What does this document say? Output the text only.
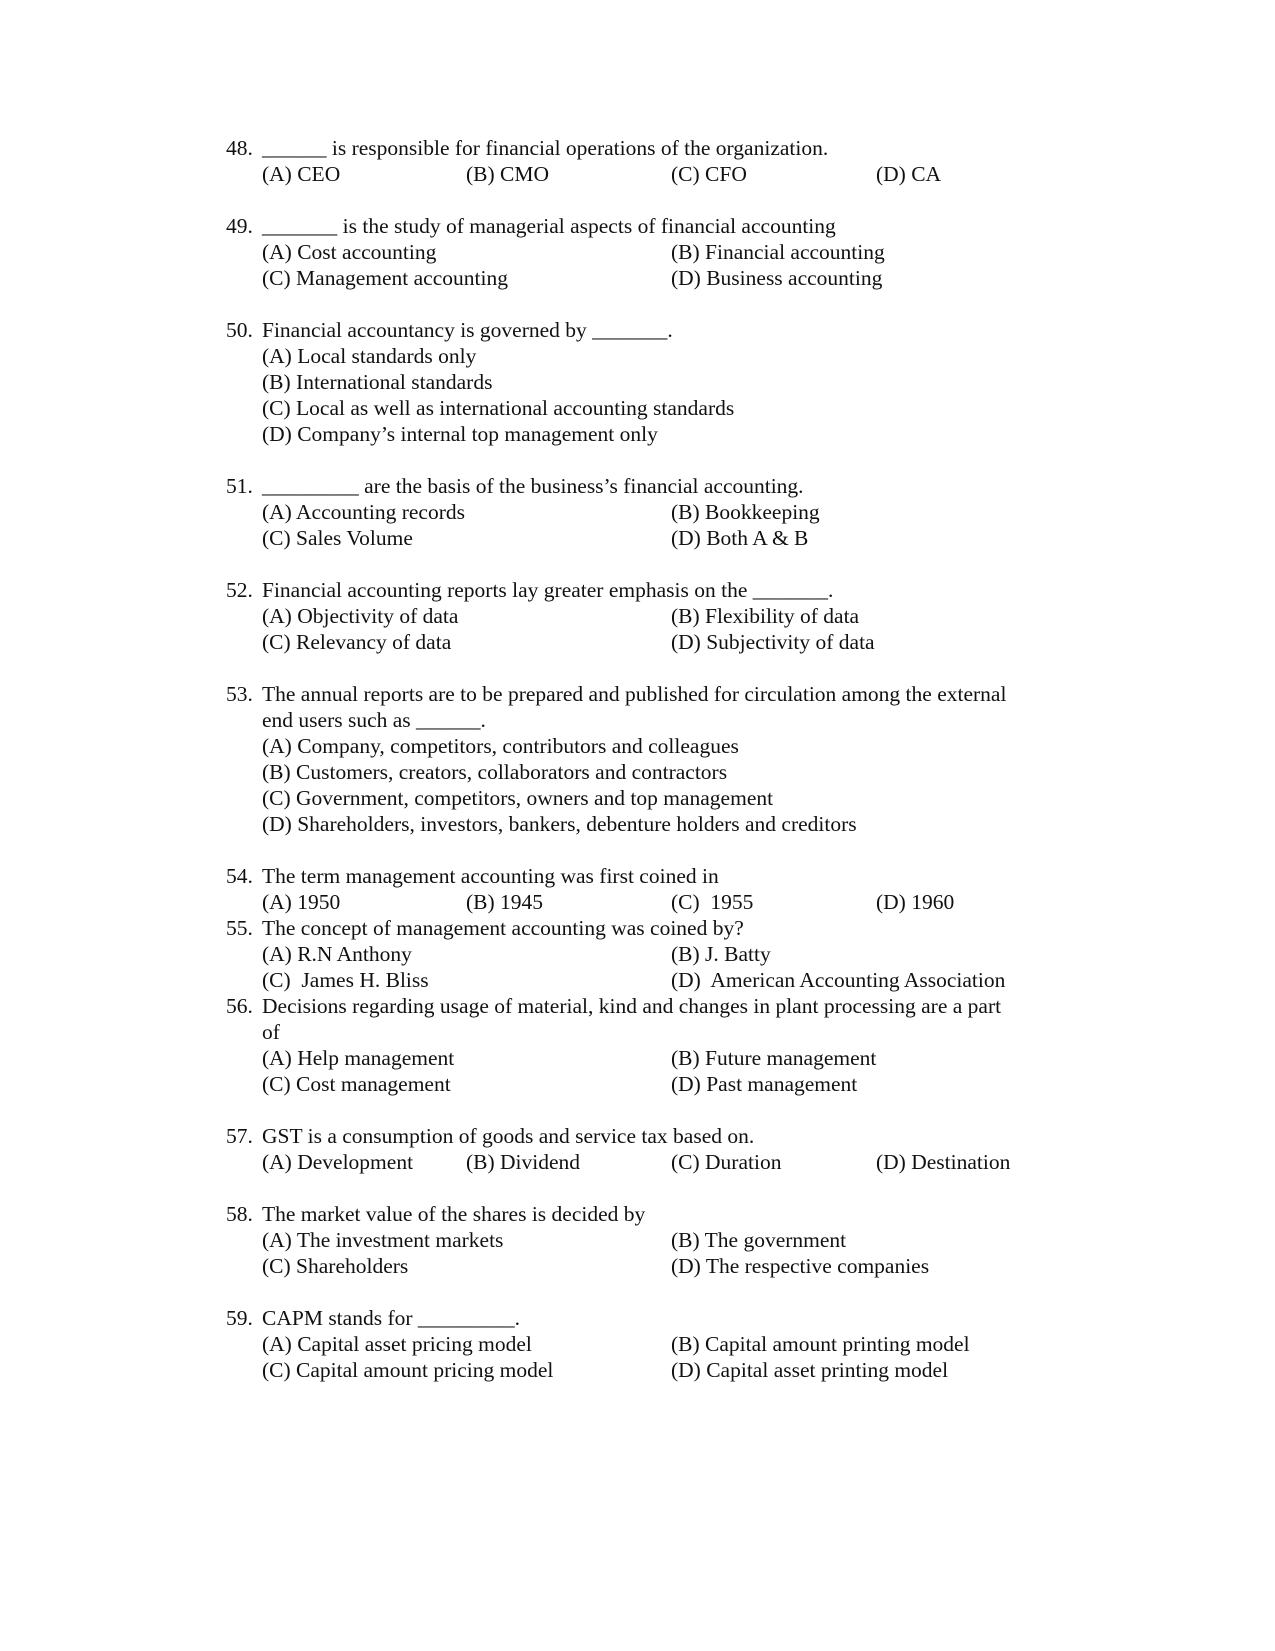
48. ______ is responsible for financial operations of the organization.
(A) CEO	(B) CMO	(C) CFO	(D) CA
49. _______ is the study of managerial aspects of financial accounting
(A) Cost accounting	(B) Financial accounting
(C) Management accounting	(D) Business accounting
50. Financial accountancy is governed by _______.
(A) Local standards only
(B) International standards
(C) Local as well as international accounting standards
(D) Company’s internal top management only
51. _________ are the basis of the business’s financial accounting.
(A) Accounting records	(B) Bookkeeping
(C) Sales Volume	(D) Both A & B
52. Financial accounting reports lay greater emphasis on the _______.
(A) Objectivity of data	(B) Flexibility of data
(C) Relevancy of data	(D) Subjectivity of data
53. The annual reports are to be prepared and published for circulation among the external
end users such as ______.
(A) Company, competitors, contributors and colleagues
(B) Customers, creators, collaborators and contractors
(C) Government, competitors, owners and top management
(D) Shareholders, investors, bankers, debenture holders and creditors
54. The term management accounting was first coined in
(A) 1950	(B) 1945	(C)  1955	(D) 1960
55. The concept of management accounting was coined by?
(A) R.N Anthony	(B) J. Batty
(C)  James H. Bliss	(D)  American Accounting Association
56. Decisions regarding usage of material, kind and changes in plant processing are a part
of
(A) Help management	(B) Future management
(C) Cost management	(D) Past management
57. GST is a consumption of goods and service tax based on.
(A) Development (B) Dividend	(C) Duration	(D) Destination
58. The market value of the shares is decided by
(A) The investment markets	(B) The government
(C) Shareholders	(D) The respective companies
59. CAPM stands for _________.
(A) Capital asset pricing model	(B) Capital amount printing model
(C) Capital amount pricing model	(D) Capital asset printing model
